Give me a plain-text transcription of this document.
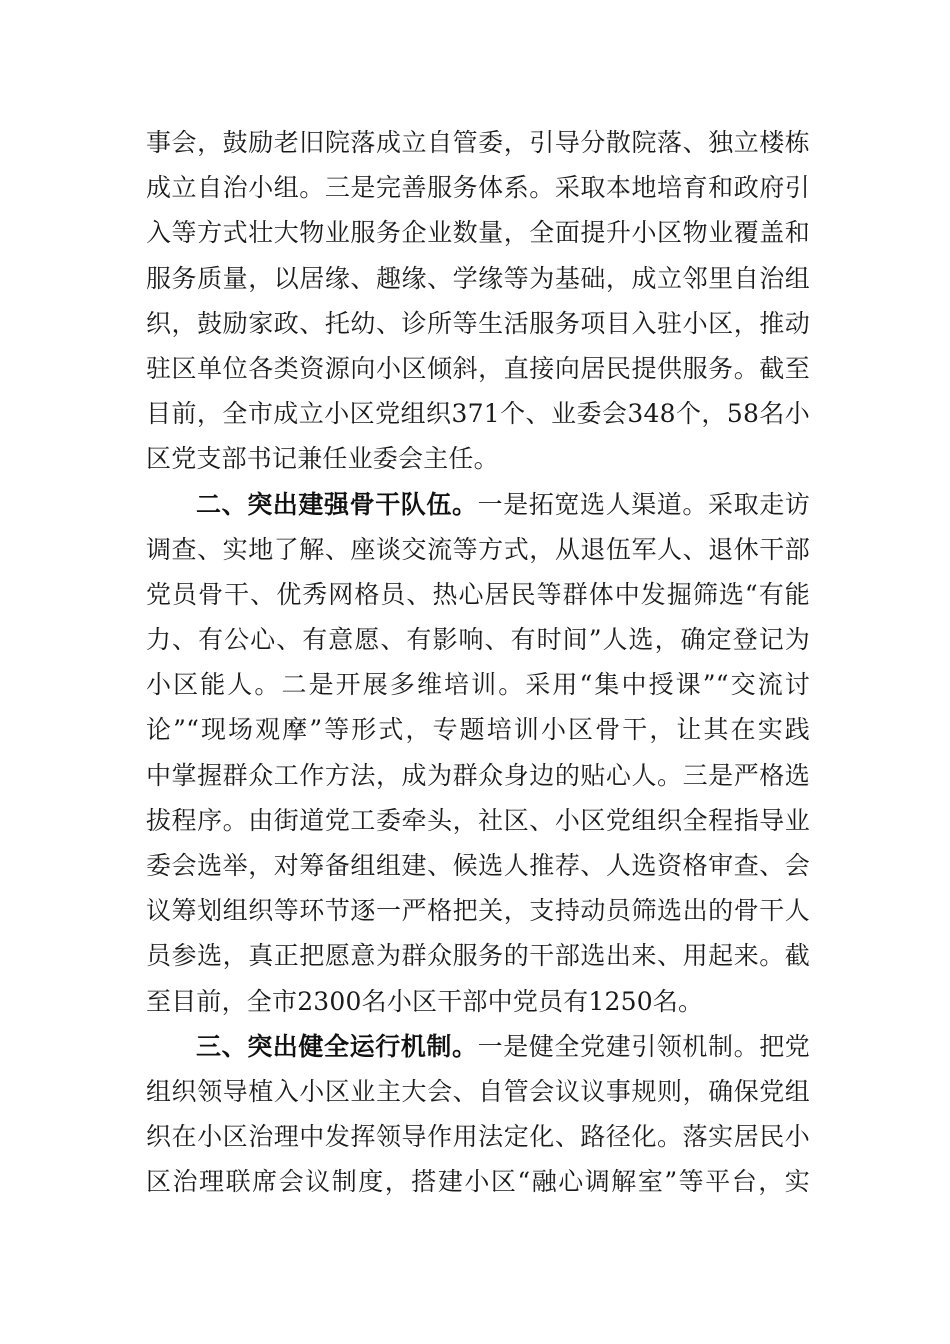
事会，鼓励老旧院落成立自管委，引导分散院落、独立楼栋
成立自治小组。三是完善服务体系。采取本地培育和政府引
入等方式壮大物业服务企业数量，全面提升小区物业覆盖和
服务质量，以居缘、趣缘、学缘等为基础，成立邻里自治组
织，鼓励家政、托幼、诊所等生活服务项目入驻小区，推动
驻区单位各类资源向小区倾斜，直接向居民提供服务。截至
目前，全市成立小区党组织371个、业委会348个，58名小
区党支部书记兼任业委会主任。
二、突出建强骨干队伍。一是拓宽选人渠道。采取走访
调查、实地了解、座谈交流等方式，从退伍军人、退休干部
党员骨干、优秀网格员、热心居民等群体中发掘筛选“有能
力、有公心、有意愿、有影响、有时间”人选，确定登记为
小区能人。二是开展多维培训。采用“集中授课”“交流讨
论”“现场观摩”等形式，专题培训小区骨干，让其在实践
中掌握群众工作方法，成为群众身边的贴心人。三是严格选
拔程序。由街道党工委牵头，社区、小区党组织全程指导业
委会选举，对筹备组组建、候选人推荐、人选资格审查、会
议筹划组织等环节逐一严格把关，支持动员筛选出的骨干人
员参选，真正把愿意为群众服务的干部选出来、用起来。截
至目前，全市2300名小区干部中党员有1250名。
三、突出健全运行机制。一是健全党建引领机制。把党
组织领导植入小区业主大会、自管会议议事规则，确保党组
织在小区治理中发挥领导作用法定化、路径化。落实居民小
区治理联席会议制度，搭建小区“融心调解室”等平台，实
